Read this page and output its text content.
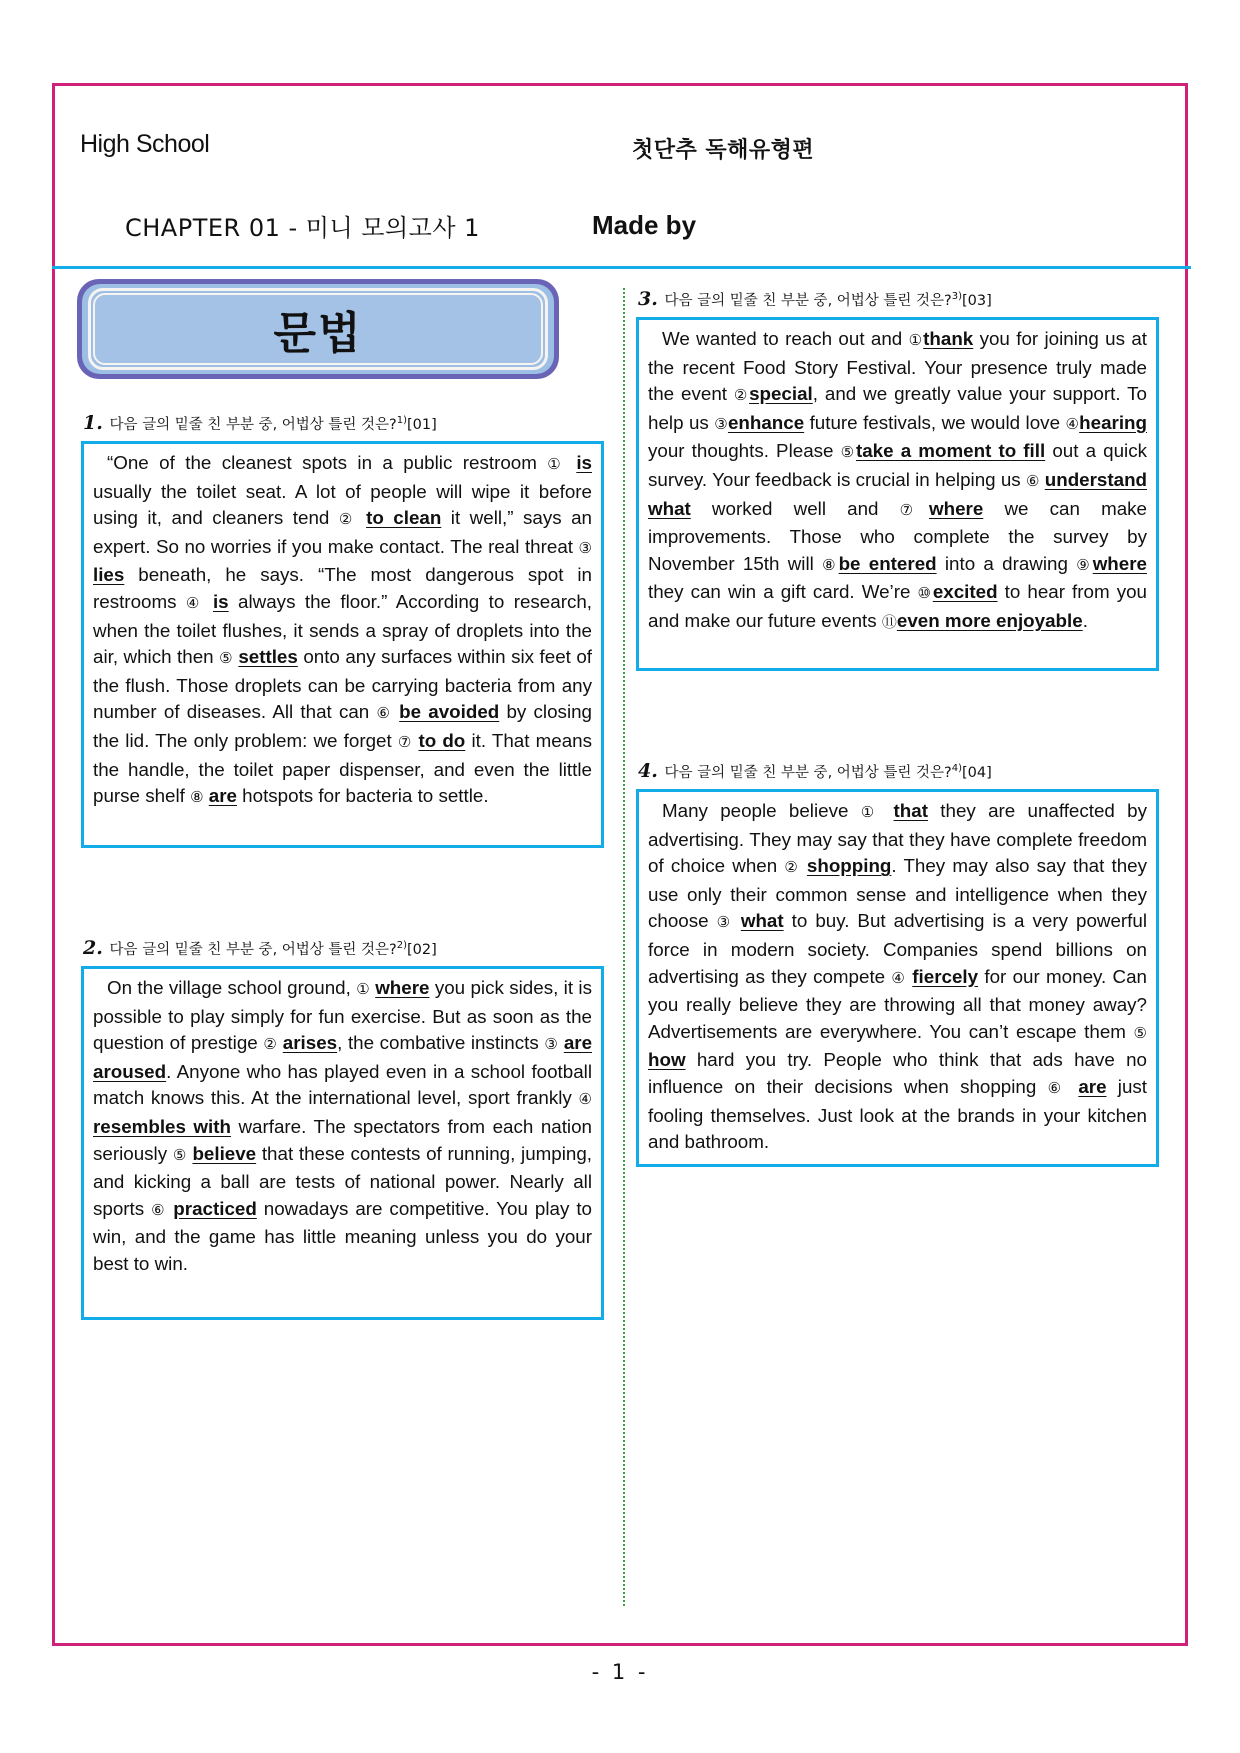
High School	첫단추 독해유형편
CHAPTER 01 - 미니 모의고사 1	Made by
문법
1. 다음 글의 밑줄 친 부분 중, 어법상 틀린 것은?$^{1)}$[01]

“One of the cleanest spots in a public restroom ① is usually the toilet seat. A lot of people will wipe it before using it, and cleaners tend ② to clean it well,” says an expert. So no worries if you make contact. The real threat ③ lies beneath, he says. “The most dangerous spot in restrooms ④ is always the floor.” According to research, when the toilet flushes, it sends a spray of droplets into the air, which then ⑤ settles onto any surfaces within six feet of the flush. Those droplets can be carrying bacteria from any number of diseases. All that can ⑥ be avoided by closing the lid. The only problem: we forget ⑦ to do it. That means the handle, the toilet paper dispenser, and even the little purse shelf ⑧ are hotspots for bacteria to settle.

2. 다음 글의 밑줄 친 부분 중, 어법상 틀린 것은?$^{2)}$[02]

On the village school ground, ① where you pick sides, it is possible to play simply for fun exercise. But as soon as the question of prestige ② arises, the combative instincts ③ are aroused. Anyone who has played even in a school football match knows this. At the international level, sport frankly ④ resembles with warfare. The spectators from each nation seriously ⑤ believe that these contests of running, jumping, and kicking a ball are tests of national power. Nearly all sports ⑥ practiced nowadays are competitive. You play to win, and the game has little meaning unless you do your best to win.

3. 다음 글의 밑줄 친 부분 중, 어법상 틀린 것은?$^{3)}$[03]

We wanted to reach out and ①thank you for joining us at the recent Food Story Festival. Your presence truly made the event ②special, and we greatly value your support. To help us ③enhance future festivals, we would love ④hearing your thoughts. Please ⑤take a moment to fill out a quick survey. Your feedback is crucial in helping us ⑥ understand what worked well and ⑦where we can make improvements. Those who complete the survey by November 15th will ⑧be entered into a drawing ⑨where they can win a gift card. We’re ⑩excited to hear from you and make our future events ⑪even more enjoyable.

4. 다음 글의 밑줄 친 부분 중, 어법상 틀린 것은?$^{4)}$[04]

Many people believe ① that they are unaffected by advertising. They may say that they have complete freedom of choice when ② shopping. They may also say that they use only their common sense and intelligence when they choose ③ what to buy. But advertising is a very powerful force in modern society. Companies spend billions on advertising as they compete ④ fiercely for our money. Can you really believe they are throwing all that money away? Advertisements are everywhere. You can’t escape them ⑤ how hard you try. People who think that ads have no influence on their decisions when shopping ⑥ are just fooling themselves. Just look at the brands in your kitchen and bathroom.

- 1 -
